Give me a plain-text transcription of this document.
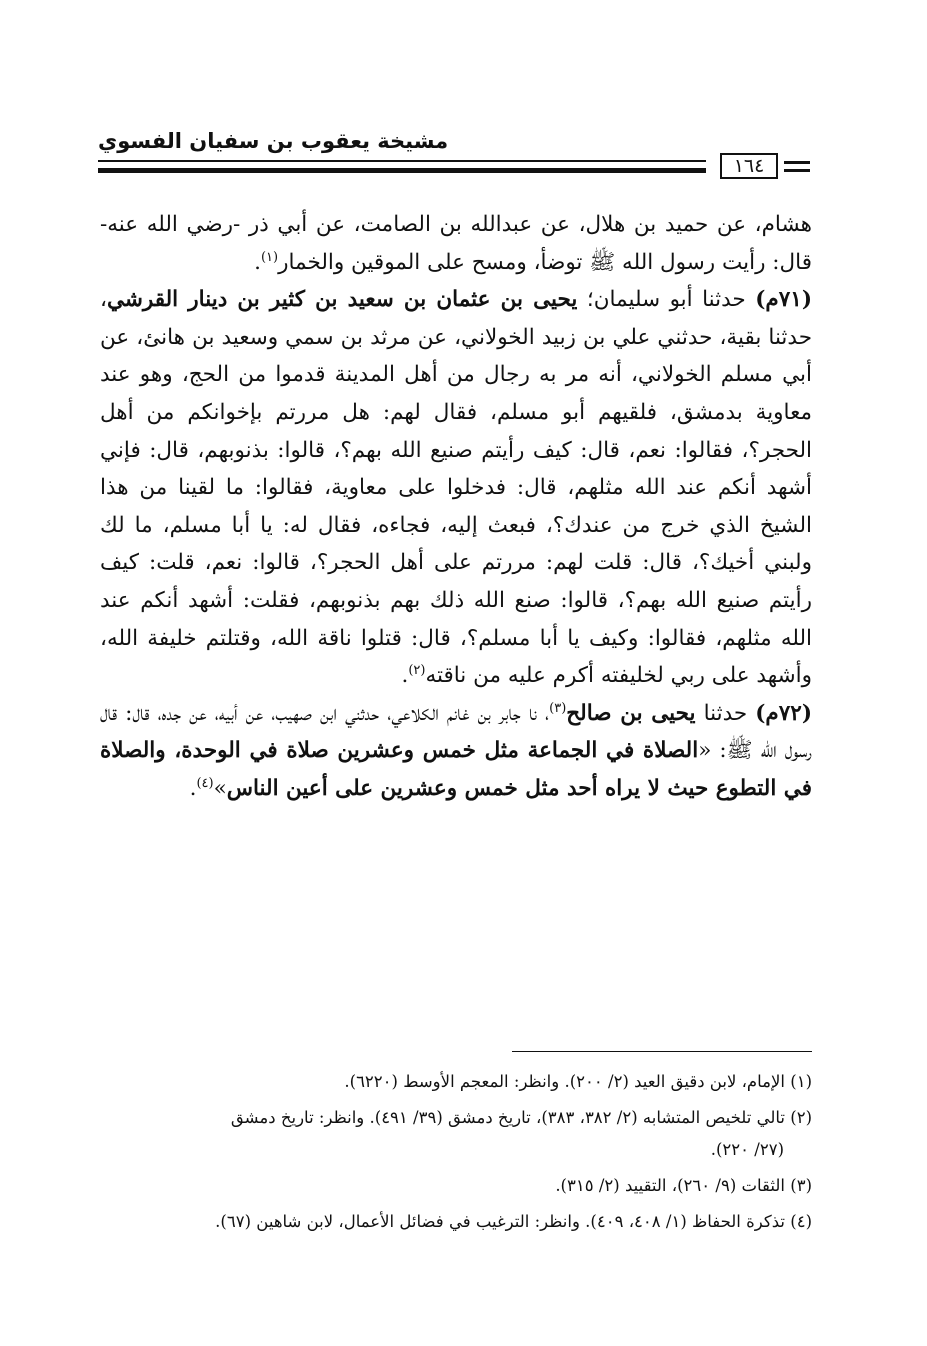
مشيخة يعقوب بن سفيان الفسوي
١٦٤

هشام، عن حميد بن هلال، عن عبدالله بن الصامت، عن أبي ذر -رضي الله عنه- قال: رأيت رسول الله ﷺ توضأ، ومسح على الموقين والخمار$^{(١)}$.

(٧١م) حدثنا أبو سليمان؛ يحيى بن عثمان بن سعيد بن كثير بن دينار القرشي، حدثنا بقية، حدثني علي بن زبيد الخولاني، عن مرثد بن سمي وسعيد بن هانئ، عن أبي مسلم الخولاني، أنه مر به رجال من أهل المدينة قدموا من الحج، وهو عند معاوية بدمشق، فلقيهم أبو مسلم، فقال لهم: هل مررتم بإخوانكم من أهل الحجر؟، فقالوا: نعم، قال: كيف رأيتم صنيع الله بهم؟، قالوا: بذنوبهم، قال: فإني أشهد أنكم عند الله مثلهم، قال: فدخلوا على معاوية، فقالوا: ما لقينا من هذا الشيخ الذي خرج من عندك؟، فبعث إليه، فجاءه، فقال له: يا أبا مسلم، ما لك ولبني أخيك؟، قال: قلت لهم: مررتم على أهل الحجر؟، قالوا: نعم، قلت: كيف رأيتم صنيع الله بهم؟، قالوا: صنع الله ذلك بهم بذنوبهم، فقلت: أشهد أنكم عند الله مثلهم، فقالوا: وكيف يا أبا مسلم؟، قال: قتلوا ناقة الله، وقتلتم خليفة الله، وأشهد على ربي لخليفته أكرم عليه من ناقته$^{(٢)}$.

(٧٢م) حدثنا يحيى بن صالح$^{(٣)}$، نا جابر بن غانم الكلاعي، حدثني ابن صهيب، عن أبيه، عن جده، قال: قال رسول الله ﷺ: «الصلاة في الجماعة مثل خمس وعشرين صلاة في الوحدة، والصلاة في التطوع حيث لا يراه أحد مثل خمس وعشرين على أعين الناس»$^{(٤)}$.

(١) الإمام، لابن دقيق العيد (٢/ ٢٠٠). وانظر: المعجم الأوسط (٦٢٢٠).

(٢) تالي تلخيص المتشابه (٢/ ٣٨٢، ٣٨٣)، تاريخ دمشق (٣٩/ ٤٩١). وانظر: تاريخ دمشق
(٢٧/ ٢٢٠).

(٣) الثقات (٩/ ٢٦٠)، التقييد (٢/ ٣١٥).

(٤) تذكرة الحفاظ (١/ ٤٠٨، ٤٠٩). وانظر: الترغيب في فضائل الأعمال، لابن شاهين (٦٧).
